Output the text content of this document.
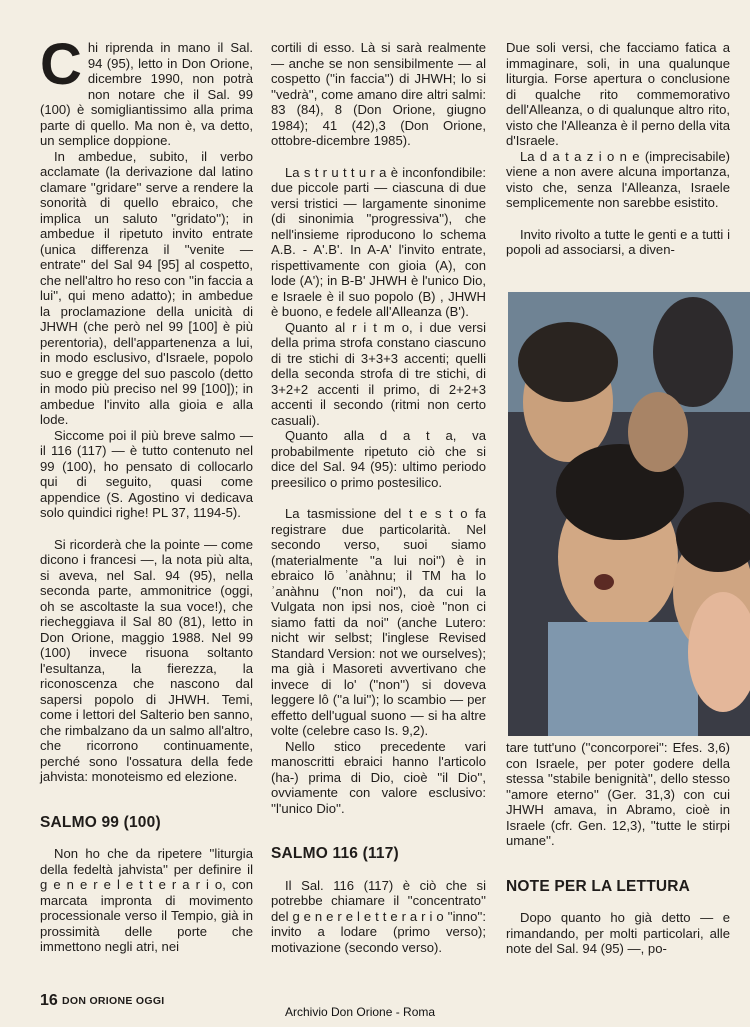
Chi riprenda in mano il Sal. 94 (95), letto in Don Orione, dicembre 1990, non potrà non notare che il Sal. 99 (100) è somigliantissimo alla prima parte di quello. Ma non è, va detto, un semplice doppione.

In ambedue, subito, il verbo acclamate (la derivazione dal latino clamare ''gridare'' serve a rendere la sonorità di quello ebraico, che implica un saluto ''gridato''); in ambedue il ripetuto invito entrate (unica differenza il ''venite — entrate'' del Sal 94 [95] al cospetto, che nell'altro ho reso con ''in faccia a lui'', qui meno adatto); in ambedue la proclamazione della unicità di JHWH (che però nel 99 [100] è più perentoria), dell'appartenenza a lui, in modo esclusivo, d'Israele, popolo suo e gregge del suo pascolo (detto in modo più preciso nel 99 [100]); in ambedue l'invito alla gioia e alla lode.

Siccome poi il più breve salmo — il 116 (117) — è tutto contenuto nel 99 (100), ho pensato di collocarlo qui di seguito, quasi come appendice (S. Agostino vi dedicava solo quindici righe! PL 37, 1194-5).

Si ricorderà che la pointe — come dicono i francesi —, la nota più alta, si aveva, nel Sal. 94 (95), nella seconda parte, ammonitrice (oggi, oh se ascoltaste la sua voce!), che riecheggiava il Sal 80 (81), letto in Don Orione, maggio 1988. Nel 99 (100) invece risuona soltanto l'esultanza, la fierezza, la riconoscenza che nascono dal sapersi popolo di JHWH. Temi, come i lettori del Salterio ben sanno, che rimbalzano da un salmo all'altro, che ricorrono continuamente, perché sono l'ossatura della fede jahvista: monoteismo ed elezione.

SALMO 99 (100)

Non ho che da ripetere ''liturgia della fedeltà jahvista'' per definire il g e n e r e l e t t e r a r i o, con marcata impronta di movimento processionale verso il Tempio, già in prossimità delle porte che immettono negli atri, nei

cortili di esso. Là si sarà realmente — anche se non sensibilmente — al cospetto (''in faccia'') di JHWH; lo si ''vedrà'', come amano dire altri salmi: 83 (84), 8 (Don Orione, giugno 1984); 41 (42),3 (Don Orione, ottobre-dicembre 1985).

La s t r u t t u r a è inconfondibile: due piccole parti — ciascuna di due versi tristici — largamente sinonime (di sinonimia ''progressiva''), che nell'insieme riproducono lo schema A.B. - A'.B'. In A-A' l'invito entrate, rispettivamente con gioia (A), con lode (A'); in B-B' JHWH è l'unico Dio, e Israele è il suo popolo (B) , JHWH è buono, e fedele all'Alleanza (B').

Quanto al r i t m o, i due versi della prima strofa constano ciascuno di tre stichi di 3+3+3 accenti; quelli della seconda strofa di tre stichi, di 3+2+2 accenti il primo, di 2+2+3 accenti il secondo (ritmi non certo casuali).

Quanto alla d a t a, va probabilmente ripetuto ciò che si dice del Sal. 94 (95): ultimo periodo preesilico o primo postesilico.

La tasmissione del t e s t o fa registrare due particolarità. Nel secondo verso, suoi siamo (materialmente ''a lui noi'') è in ebraico lō ʾanàhnu; il TM ha lo ʾanàhnu (''non noi''), da cui la Vulgata non ipsi nos, cioè ''non ci siamo fatti da noi'' (anche Lutero: nicht wir selbst; l'inglese Revised Standard Version: not we ourselves); ma già i Masoreti avvertivano che invece di lo' (''non'') si doveva leggere lô (''a lui''); lo scambio — per effetto dell'ugual suono — si ha altre volte (celebre caso Is. 9,2).

Nello stico precedente vari manoscritti ebraici hanno l'articolo (ha-) prima di Dio, cioè ''il Dio'', ovviamente con valore esclusivo: ''l'unico Dio''.

SALMO 116 (117)

Il Sal. 116 (117) è ciò che si potrebbe chiamare il ''concentrato'' del g e n e r e l e t t e r a r i o ''inno'': invito a lodare (primo verso); motivazione (secondo verso).

Due soli versi, che facciamo fatica a immaginare, soli, in una qualunque liturgia. Forse apertura o conclusione di qualche rito commemorativo dell'Alleanza, o di qualunque altro rito, visto che l'Alleanza è il perno della vita d'Israele.

La d a t a z i o n e (imprecisabile) viene a non avere alcuna importanza, visto che, senza l'Alleanza, Israele semplicemente non sarebbe esistito.

Invito rivolto a tutte le genti e a tutti i popoli ad associarsi, a diven-

tare tutt'uno (''concorporei'': Efes. 3,6) con Israele, per poter godere della stessa ''stabile benignità'', dello stesso ''amore eterno'' (Ger. 31,3) con cui JHWH amava, in Abramo, cioè in Israele (cfr. Gen. 12,3), ''tutte le stirpi umane''.

NOTE PER LA LETTURA

Dopo quanto ho già detto — e rimandando, per molti particolari, alle note del Sal. 94 (95) —, po-

16 DON ORIONE OGGI
Archivio Don Orione - Roma
